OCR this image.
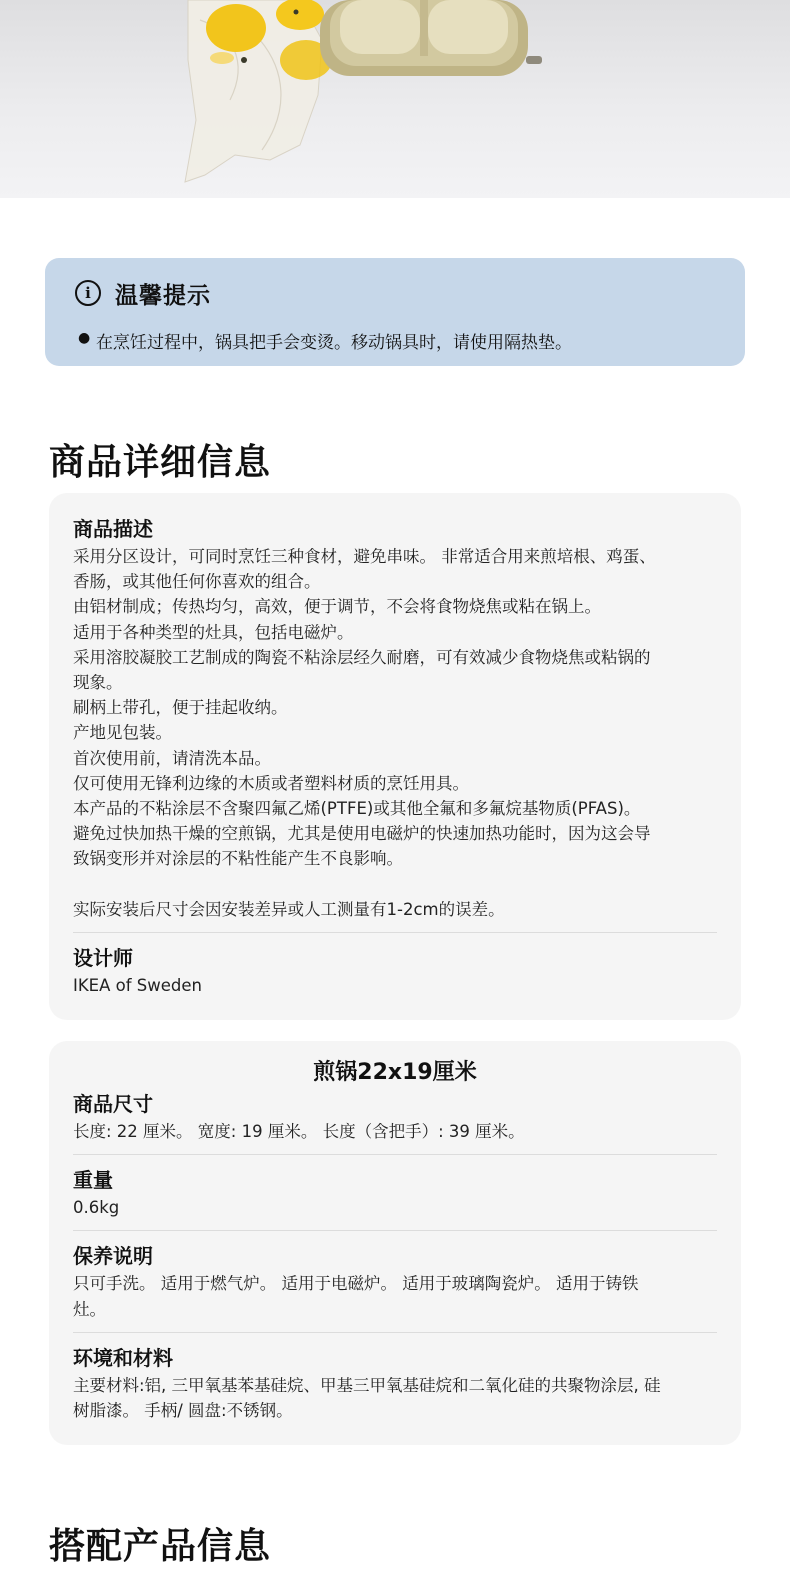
i	温馨提示
● 在烹饪过程中，锅具把手会变烫。移动锅具时，请使用隔热垫。
商品详细信息
商品描述
采用分区设计，可同时烹饪三种食材，避免串味。 非常适合用来煎培根、鸡蛋、
香肠，或其他任何你喜欢的组合。
由铝材制成；传热均匀，高效，便于调节，不会将食物烧焦或粘在锅上。
适用于各种类型的灶具，包括电磁炉。
采用溶胶凝胶工艺制成的陶瓷不粘涂层经久耐磨，可有效减少食物烧焦或粘锅的
现象。
刷柄上带孔，便于挂起收纳。
产地见包装。
首次使用前，请清洗本品。
仅可使用无锋利边缘的木质或者塑料材质的烹饪用具。
本产品的不粘涂层不含聚四氟乙烯(PTFE)或其他全氟和多氟烷基物质(PFAS)。
避免过快加热干燥的空煎锅，尤其是使用电磁炉的快速加热功能时，因为这会导
致锅变形并对涂层的不粘性能产生不良影响。
实际安装后尺寸会因安装差异或人工测量有1-2cm的误差。
设计师
IKEA of Sweden
煎锅22x19厘米
商品尺寸
长度: 22 厘米。 宽度: 19 厘米。 长度（含把手）: 39 厘米。
重量
0.6kg
保养说明
只可手洗。 适用于燃气炉。 适用于电磁炉。 适用于玻璃陶瓷炉。 适用于铸铁
灶。
环境和材料
主要材料:铝, 三甲氧基苯基硅烷、甲基三甲氧基硅烷和二氧化硅的共聚物涂层, 硅
树脂漆。 手柄/ 圆盘:不锈钢。
搭配产品信息
